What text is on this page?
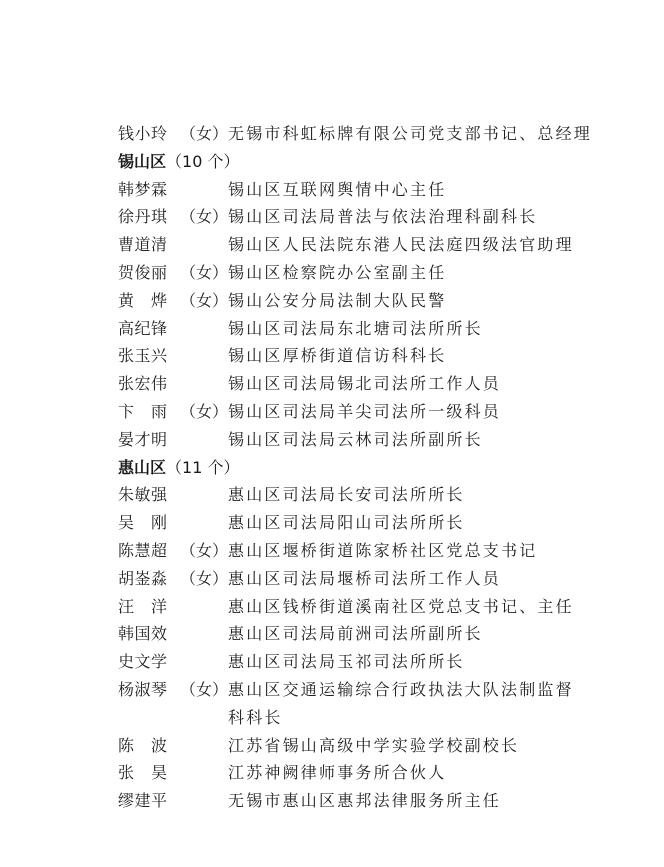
钱小玲 （女） 无锡市科虹标牌有限公司党支部书记、总经理
锡山区（10 个）
韩梦霖	锡山区互联网舆情中心主任
徐丹琪 （女） 锡山区司法局普法与依法治理科副科长
曹道清	锡山区人民法院东港人民法庭四级法官助理
贺俊丽 （女） 锡山区检察院办公室副主任
黄　烨 （女） 锡山公安分局法制大队民警
高纪锋	锡山区司法局东北塘司法所所长
张玉兴	锡山区厚桥街道信访科科长
张宏伟	锡山区司法局锡北司法所工作人员
卞　雨 （女） 锡山区司法局羊尖司法所一级科员
晏才明	锡山区司法局云林司法所副所长
惠山区（11 个）
朱敏强	惠山区司法局长安司法所所长
吴　刚	惠山区司法局阳山司法所所长
陈慧超 （女） 惠山区堰桥街道陈家桥社区党总支书记
胡崟淼 （女） 惠山区司法局堰桥司法所工作人员
汪　洋	惠山区钱桥街道溪南社区党总支书记、主任
韩国效	惠山区司法局前洲司法所副所长
史文学	惠山区司法局玉祁司法所所长
杨淑琴 （女） 惠山区交通运输综合行政执法大队法制监督科科长
陈　波	江苏省锡山高级中学实验学校副校长
张　昊	江苏神阙律师事务所合伙人
缪建平	无锡市惠山区惠邦法律服务所主任
